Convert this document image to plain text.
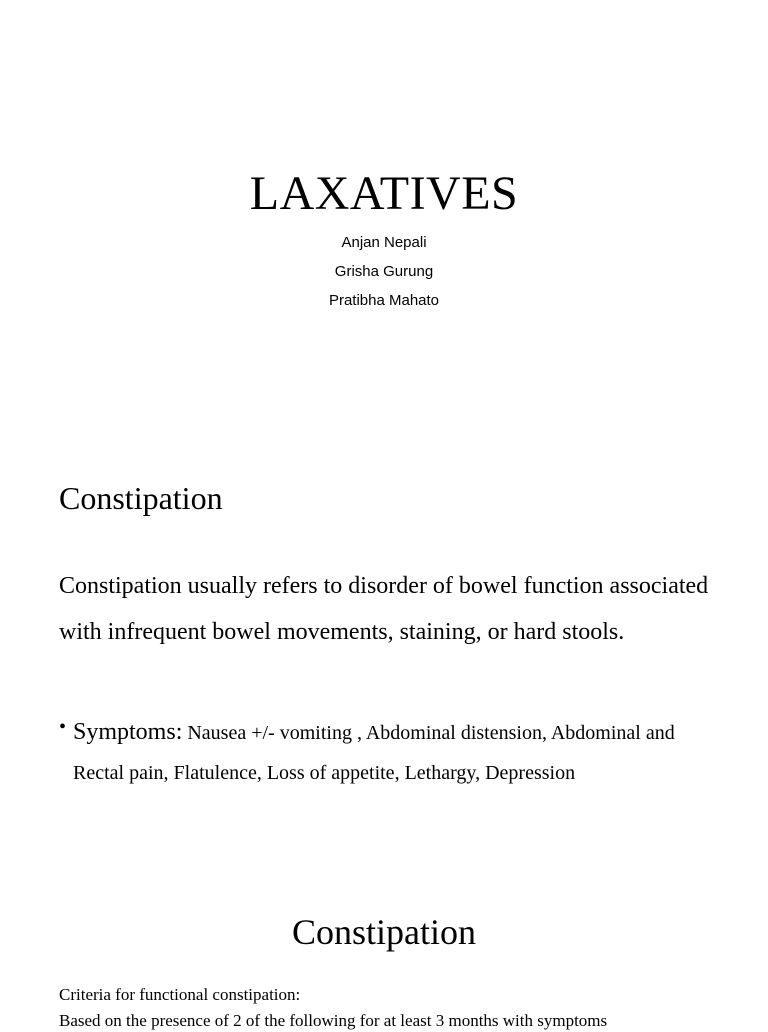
LAXATIVES
Anjan Nepali
Grisha Gurung
Pratibha Mahato
Constipation
Constipation usually refers to disorder of bowel function associated with infrequent bowel movements, staining, or hard stools.
• Symptoms: Nausea +/- vomiting , Abdominal distension, Abdominal and Rectal pain, Flatulence, Loss of appetite, Lethargy, Depression
Constipation
Criteria for functional constipation:
Based on the presence of 2 of the following for at least 3 months with symptoms
